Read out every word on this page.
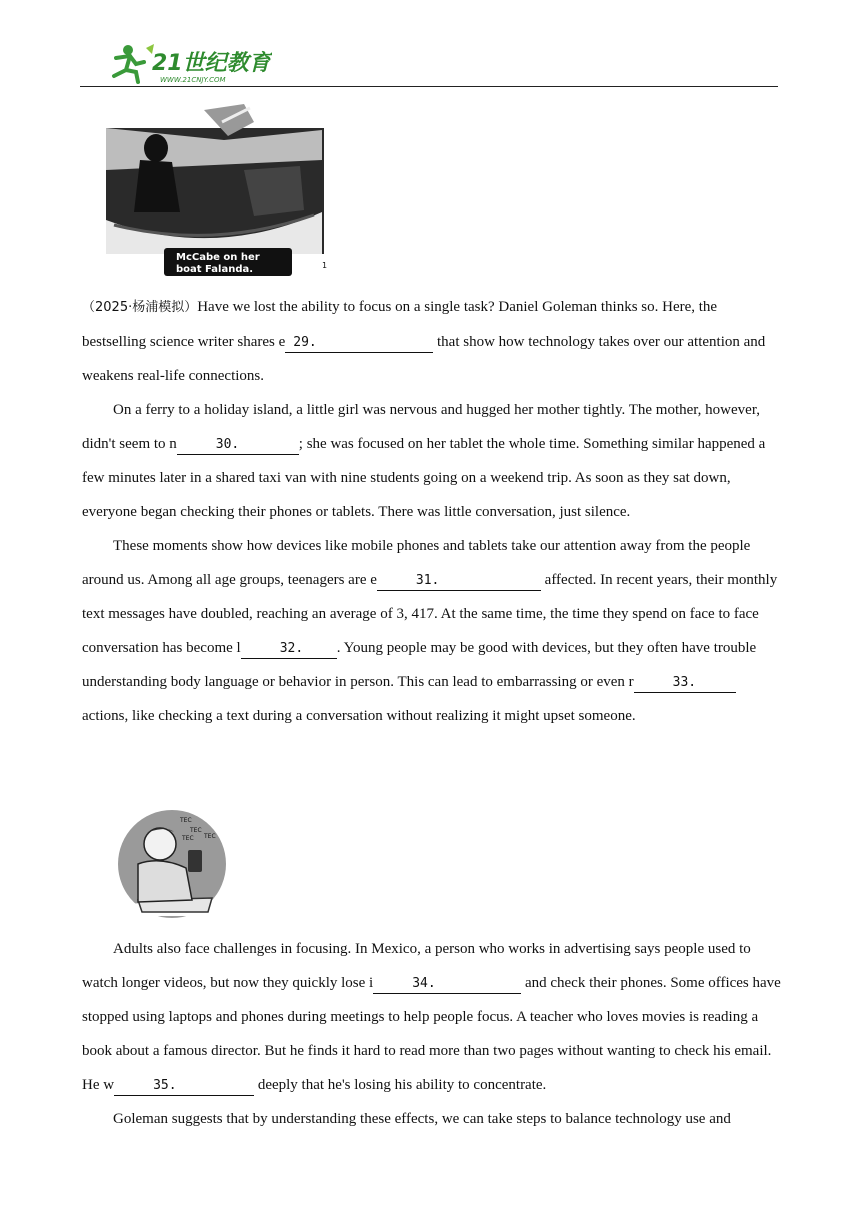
21世纪教育
WWW.21CNJY.COM
McCabe on her
boat Falanda.	1

（2025·杨浦模拟）Have we lost the ability to focus on a single task? Daniel Goleman thinks so. Here, the bestselling science writer shares e 29.	that show how technology takes over our attention and weakens real-life connections.

On a ferry to a holiday island, a little girl was nervous and hugged her mother tightly. The mother, however, didn't seem to n	30.	; she was focused on her tablet the whole time. Something similar happened a few minutes later in a shared taxi van with nine students going on a weekend trip. As soon as they sat down, everyone began checking their phones or tablets. There was little conversation, just silence.

These moments show how devices like mobile phones and tablets take our attention away from the people around us. Among all age groups, teenagers are e	31.	affected. In recent years, their monthly text messages have doubled, reaching an average of 3, 417. At the same time, the time they spend on face to face conversation has become l	32. . Young people may be good with devices, but they often have trouble understanding body language or behavior in person. This can lead to embarrassing or even r	33. actions, like checking a text during a conversation without realizing it might upset someone.

TEC
TEC
TEC TEC

Adults also face challenges in focusing. In Mexico, a person who works in advertising says people used to watch longer videos, but now they quickly lose i	34.	and check their phones. Some offices have stopped using laptops and phones during meetings to help people focus. A teacher who loves movies is reading a book about a famous director. But he finds it hard to read more than two pages without wanting to check his email. He w	35.	deeply that he's losing his ability to concentrate.

Goleman suggests that by understanding these effects, we can take steps to balance technology use and
